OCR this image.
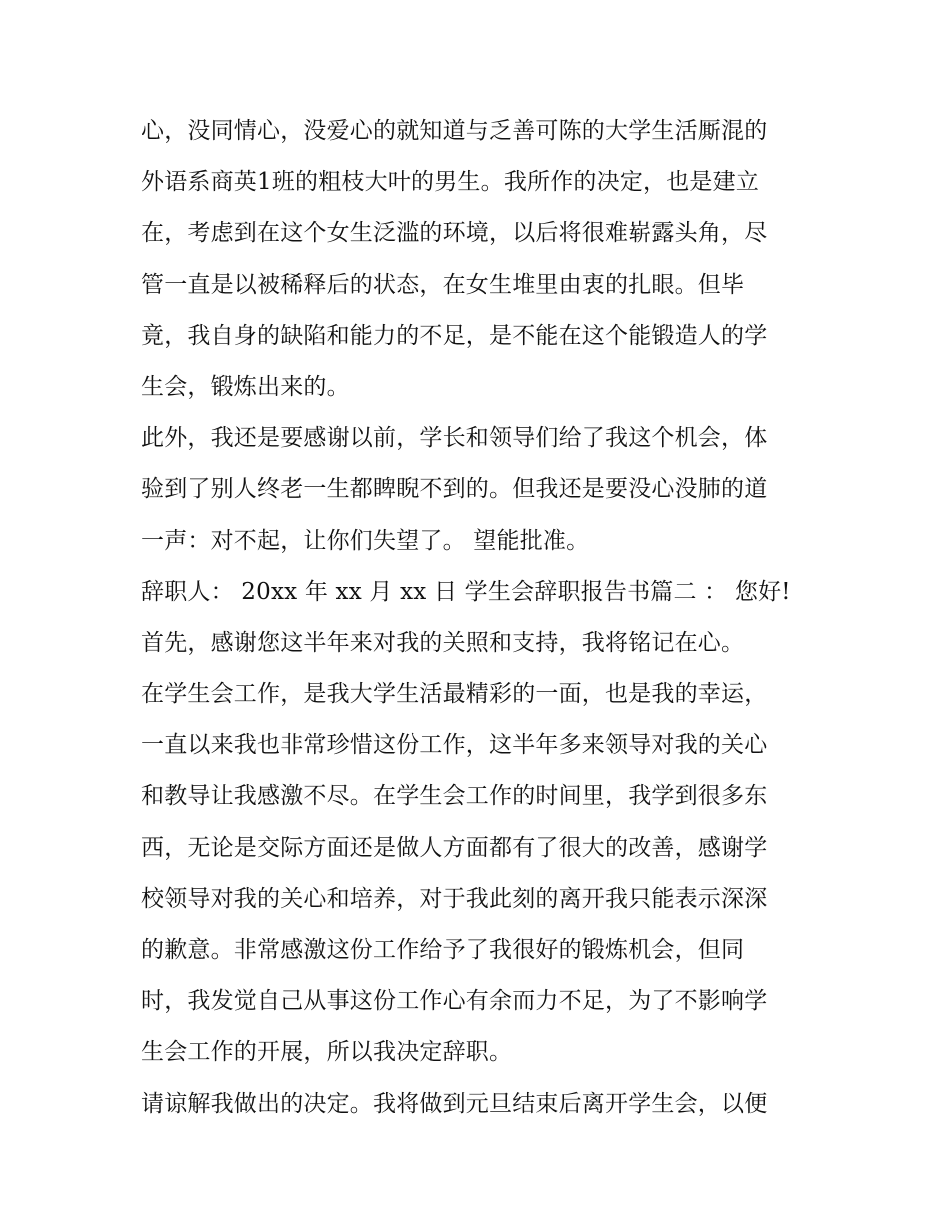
心，没同情心，没爱心的就知道与乏善可陈的大学生活厮混的
外语系商英1班的粗枝大叶的男生。我所作的决定，也是建立
在，考虑到在这个女生泛滥的环境，以后将很难崭露头角，尽
管一直是以被稀释后的状态，在女生堆里由衷的扎眼。但毕
竟，我自身的缺陷和能力的不足，是不能在这个能锻造人的学
生会，锻炼出来的。
此外，我还是要感谢以前，学长和领导们给了我这个机会，体
验到了别人终老一生都睥睨不到的。但我还是要没心没肺的道
一声：对不起，让你们失望了。 望能批准。
辞职人： 20xx 年 xx 月 xx 日 学生会辞职报告书篇二 ： 您好!
首先，感谢您这半年来对我的关照和支持，我将铭记在心。
在学生会工作，是我大学生活最精彩的一面，也是我的幸运，
一直以来我也非常珍惜这份工作，这半年多来领导对我的关心
和教导让我感激不尽。在学生会工作的时间里，我学到很多东
西，无论是交际方面还是做人方面都有了很大的改善，感谢学
校领导对我的关心和培养，对于我此刻的离开我只能表示深深
的歉意。非常感激这份工作给予了我很好的锻炼机会，但同
时，我发觉自己从事这份工作心有余而力不足，为了不影响学
生会工作的开展，所以我决定辞职。
请谅解我做出的决定。我将做到元旦结束后离开学生会，以便
